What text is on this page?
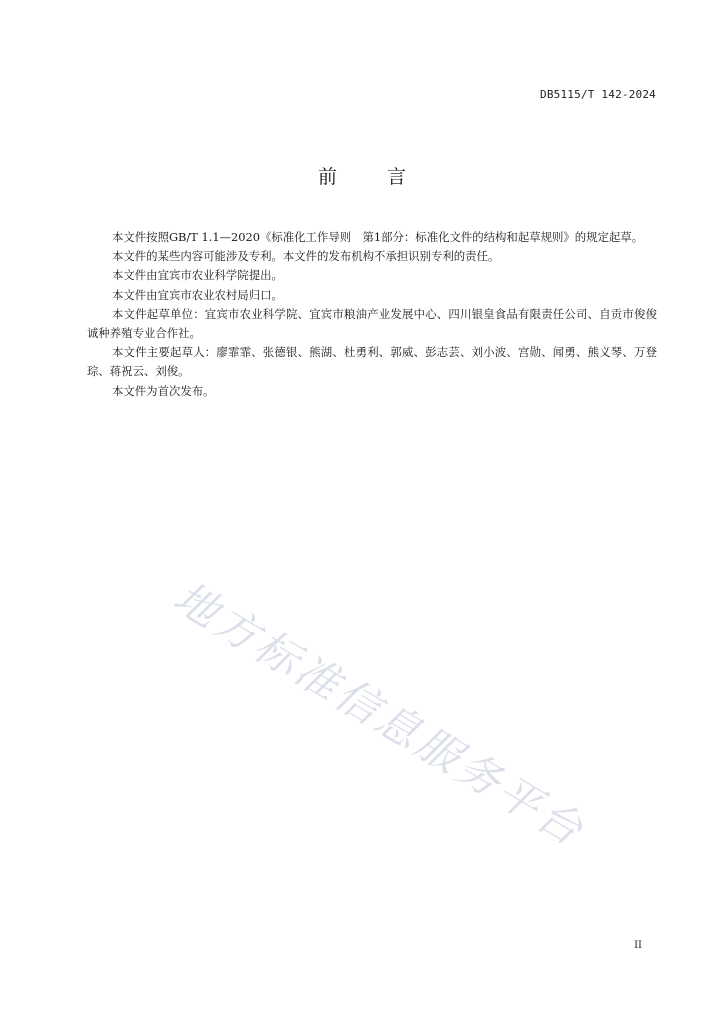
DB5115/T 142-2024
前 言

本文件按照GB/T 1.1—2020《标准化工作导则　第1部分：标准化文件的结构和起草规则》的规定起草。

本文件的某些内容可能涉及专利。本文件的发布机构不承担识别专利的责任。

本文件由宜宾市农业科学院提出。

本文件由宜宾市农业农村局归口。

本文件起草单位：宜宾市农业科学院、宜宾市粮油产业发展中心、四川银皇食品有限责任公司、自贡市俊俊诚种养殖专业合作社。

本文件主要起草人：廖霏霏、张德银、熊湖、杜勇利、郭威、彭志芸、刘小波、宫勋、闻勇、熊义琴、万登琮、蒋祝云、刘俊。

本文件为首次发布。

地方标准信息服务平台
II
